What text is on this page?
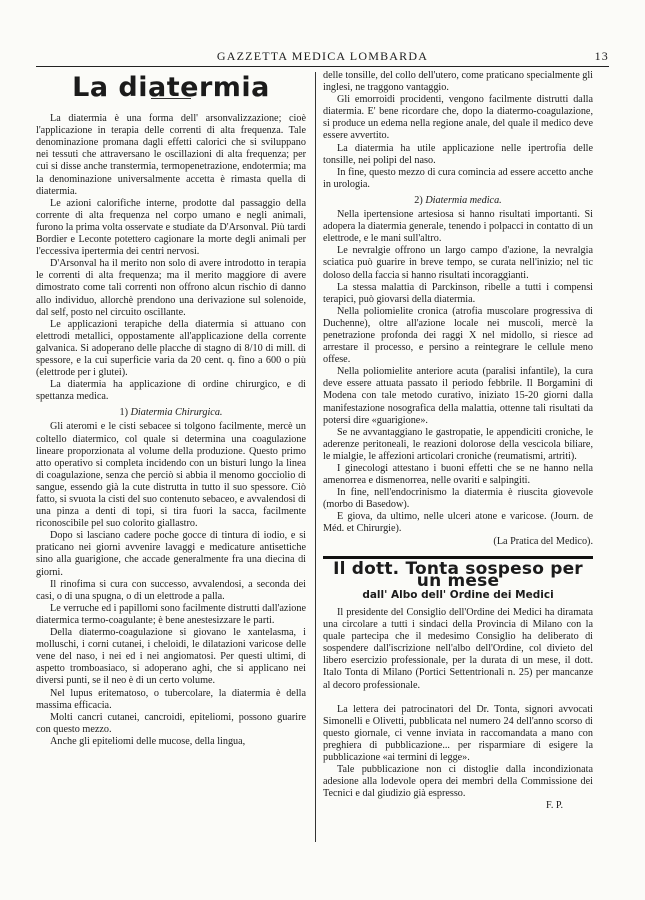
GAZZETTA MEDICA LOMBARDA	13
La diatermia

La diatermia è una forma dell' arsonvalizzazione; cioè l'applicazione in terapia delle correnti di alta frequenza. Tale denominazione promana dagli effetti calorici che si sviluppano nei tessuti che attraversano le oscillazioni di alta frequenza; per cui si disse anche transtermia, termopenetrazione, endotermia; ma la denominazione universalmente accetta è rimasta quella di diatermia.

Le azioni calorifiche interne, prodotte dal passaggio della corrente di alta frequenza nel corpo umano e negli animali, furono la prima volta osservate e studiate da D'Arsonval. Più tardi Bordier e Leconte potettero cagionare la morte degli animali per l'eccessiva ipertermia dei centri nervosi.

D'Arsonval ha il merito non solo di avere introdotto in terapia le correnti di alta frequenza; ma il merito maggiore di avere dimostrato come tali correnti non offrono alcun rischio di danno allo individuo, allorchè prendono una derivazione sul solenoide, dal self, posto nel circuito oscillante.

Le applicazioni terapiche della diatermia si attuano con elettrodi metallici, oppostamente all'applicazione della corrente galvanica. Si adoperano delle placche di stagno di 8/10 di mill. di spessore, e la cui superficie varia da 20 cent. q. fino a 600 o più (elettrode per i glutei).

La diatermia ha applicazione di ordine chirurgico, e di spettanza medica.

1) Diatermia Chirurgica.

Gli ateromi e le cisti sebacee si tolgono facilmente, mercè un coltello diatermico, col quale si determina una coagulazione lineare proporzionata al volume della produzione. Questo primo atto operativo si completa incidendo con un bisturi lungo la linea di coagulazione, senza che perciò si abbia il menomo gocciolio di sangue, essendo già la cute distrutta in tutto il suo spessore. Ciò fatto, si svuota la cisti del suo contenuto sebaceo, e avvalendosi di una pinza a denti di topi, si tira fuori la sacca, facilmente riconoscibile pel suo colorito giallastro.

Dopo si lasciano cadere poche gocce di tintura di iodio, e si praticano nei giorni avvenire lavaggi e medicature antisettiche sino alla guarigione, che accade generalmente fra una diecina di giorni.

Il rinofima si cura con successo, avvalendosi, a seconda dei casi, o di una spugna, o di un elettrode a palla.

Le verruche ed i papillomi sono facilmente distrutti dall'azione diatermica termo-coagulante; è bene anestesizzare le parti.

Della diatermo-coagulazione si giovano le xantelasma, i molluschi, i corni cutanei, i cheloidi, le dilatazioni varicose delle vene del naso, i nei ed i nei angiomatosi. Per questi ultimi, di aspetto tromboasiaco, si adoperano aghi, che si applicano nei diversi punti, se il neo è di un certo volume.

Nel lupus eritematoso, o tubercolare, la diatermia è della massima efficacia.

Molti cancri cutanei, cancroidi, epiteliomi, possono guarire con questo mezzo.

Anche gli epiteliomi delle mucose, della lingua,

delle tonsille, del collo dell'utero, come praticano specialmente gli inglesi, ne traggono vantaggio.

Gli emorroidi procidenti, vengono facilmente distrutti dalla diatermia. E' bene ricordare che, dopo la diatermo-coagulazione, si produce un edema nella regione anale, del quale il medico deve essere avvertito.

La diatermia ha utile applicazione nelle ipertrofia delle tonsille, nei polipi del naso.

In fine, questo mezzo di cura comincia ad essere accetto anche in urologia.

2) Diatermia medica.

Nella ipertensione artesiosa si hanno risultati importanti. Si adopera la diatermia generale, tenendo i polpacci in contatto di un elettrode, e le mani sull'altro.

Le nevralgie offrono un largo campo d'azione, la nevralgia sciatica può guarire in breve tempo, se curata nell'inizio; nel tic doloso della faccia si hanno risultati incoraggianti.

La stessa malattia di Parckinson, ribelle a tutti i compensi terapici, può giovarsi della diatermia.

Nella poliomielite cronica (atrofia muscolare progressiva di Duchenne), oltre all'azione locale nei muscoli, mercè la penetrazione profonda dei raggi X nel midollo, si riesce ad arrestare il processo, e persino a reintegrare le cellule meno offese.

Nella poliomielite anteriore acuta (paralisi infantile), la cura deve essere attuata passato il periodo febbrile. Il Borgamini di Modena con tale metodo curativo, iniziato 15-20 giorni dalla manifestazione nosografica della malattia, ottenne tali risultati da potersi dire «guarigione».

Se ne avvantaggiano le gastropatie, le appendiciti croniche, le aderenze peritoneali, le reazioni dolorose della vescicola biliare, le mialgie, le affezioni articolari croniche (reumatismi, artriti).

I ginecologi attestano i buoni effetti che se ne hanno nella amenorrea e dismenorrea, nelle ovariti e salpingiti.

In fine, nell'endocrinismo la diatermia è riuscita giovevole (morbo di Basedow).

E giova, da ultimo, nelle ulceri atone e varicose. (Journ. de Méd. et Chirurgie).

(La Pratica del Medico).

Il dott. Tonta sospeso per un mese
dall' Albo dell' Ordine dei Medici

Il presidente del Consiglio dell'Ordine dei Medici ha diramata una circolare a tutti i sindaci della Provincia di Milano con la quale partecipa che il medesimo Consiglio ha deliberato di sospendere dall'iscrizione nell'albo dell'Ordine, col divieto del libero esercizio professionale, per la durata di un mese, il dott. Italo Tonta di Milano (Portici Settentrionali n. 25) per mancanze al decoro professionale.

La lettera dei patrocinatori del Dr. Tonta, signori avvocati Simonelli e Olivetti, pubblicata nel numero 24 dell'anno scorso di questo giornale, ci venne inviata in raccomandata a mano con preghiera di pubblicazione... per risparmiare di esigere la pubblicazione «ai termini di legge».

Tale pubblicazione non ci distoglie dalla incondizionata adesione alla lodevole opera dei membri della Commissione dei Tecnici e dal giudizio già espresso.

F. P.
